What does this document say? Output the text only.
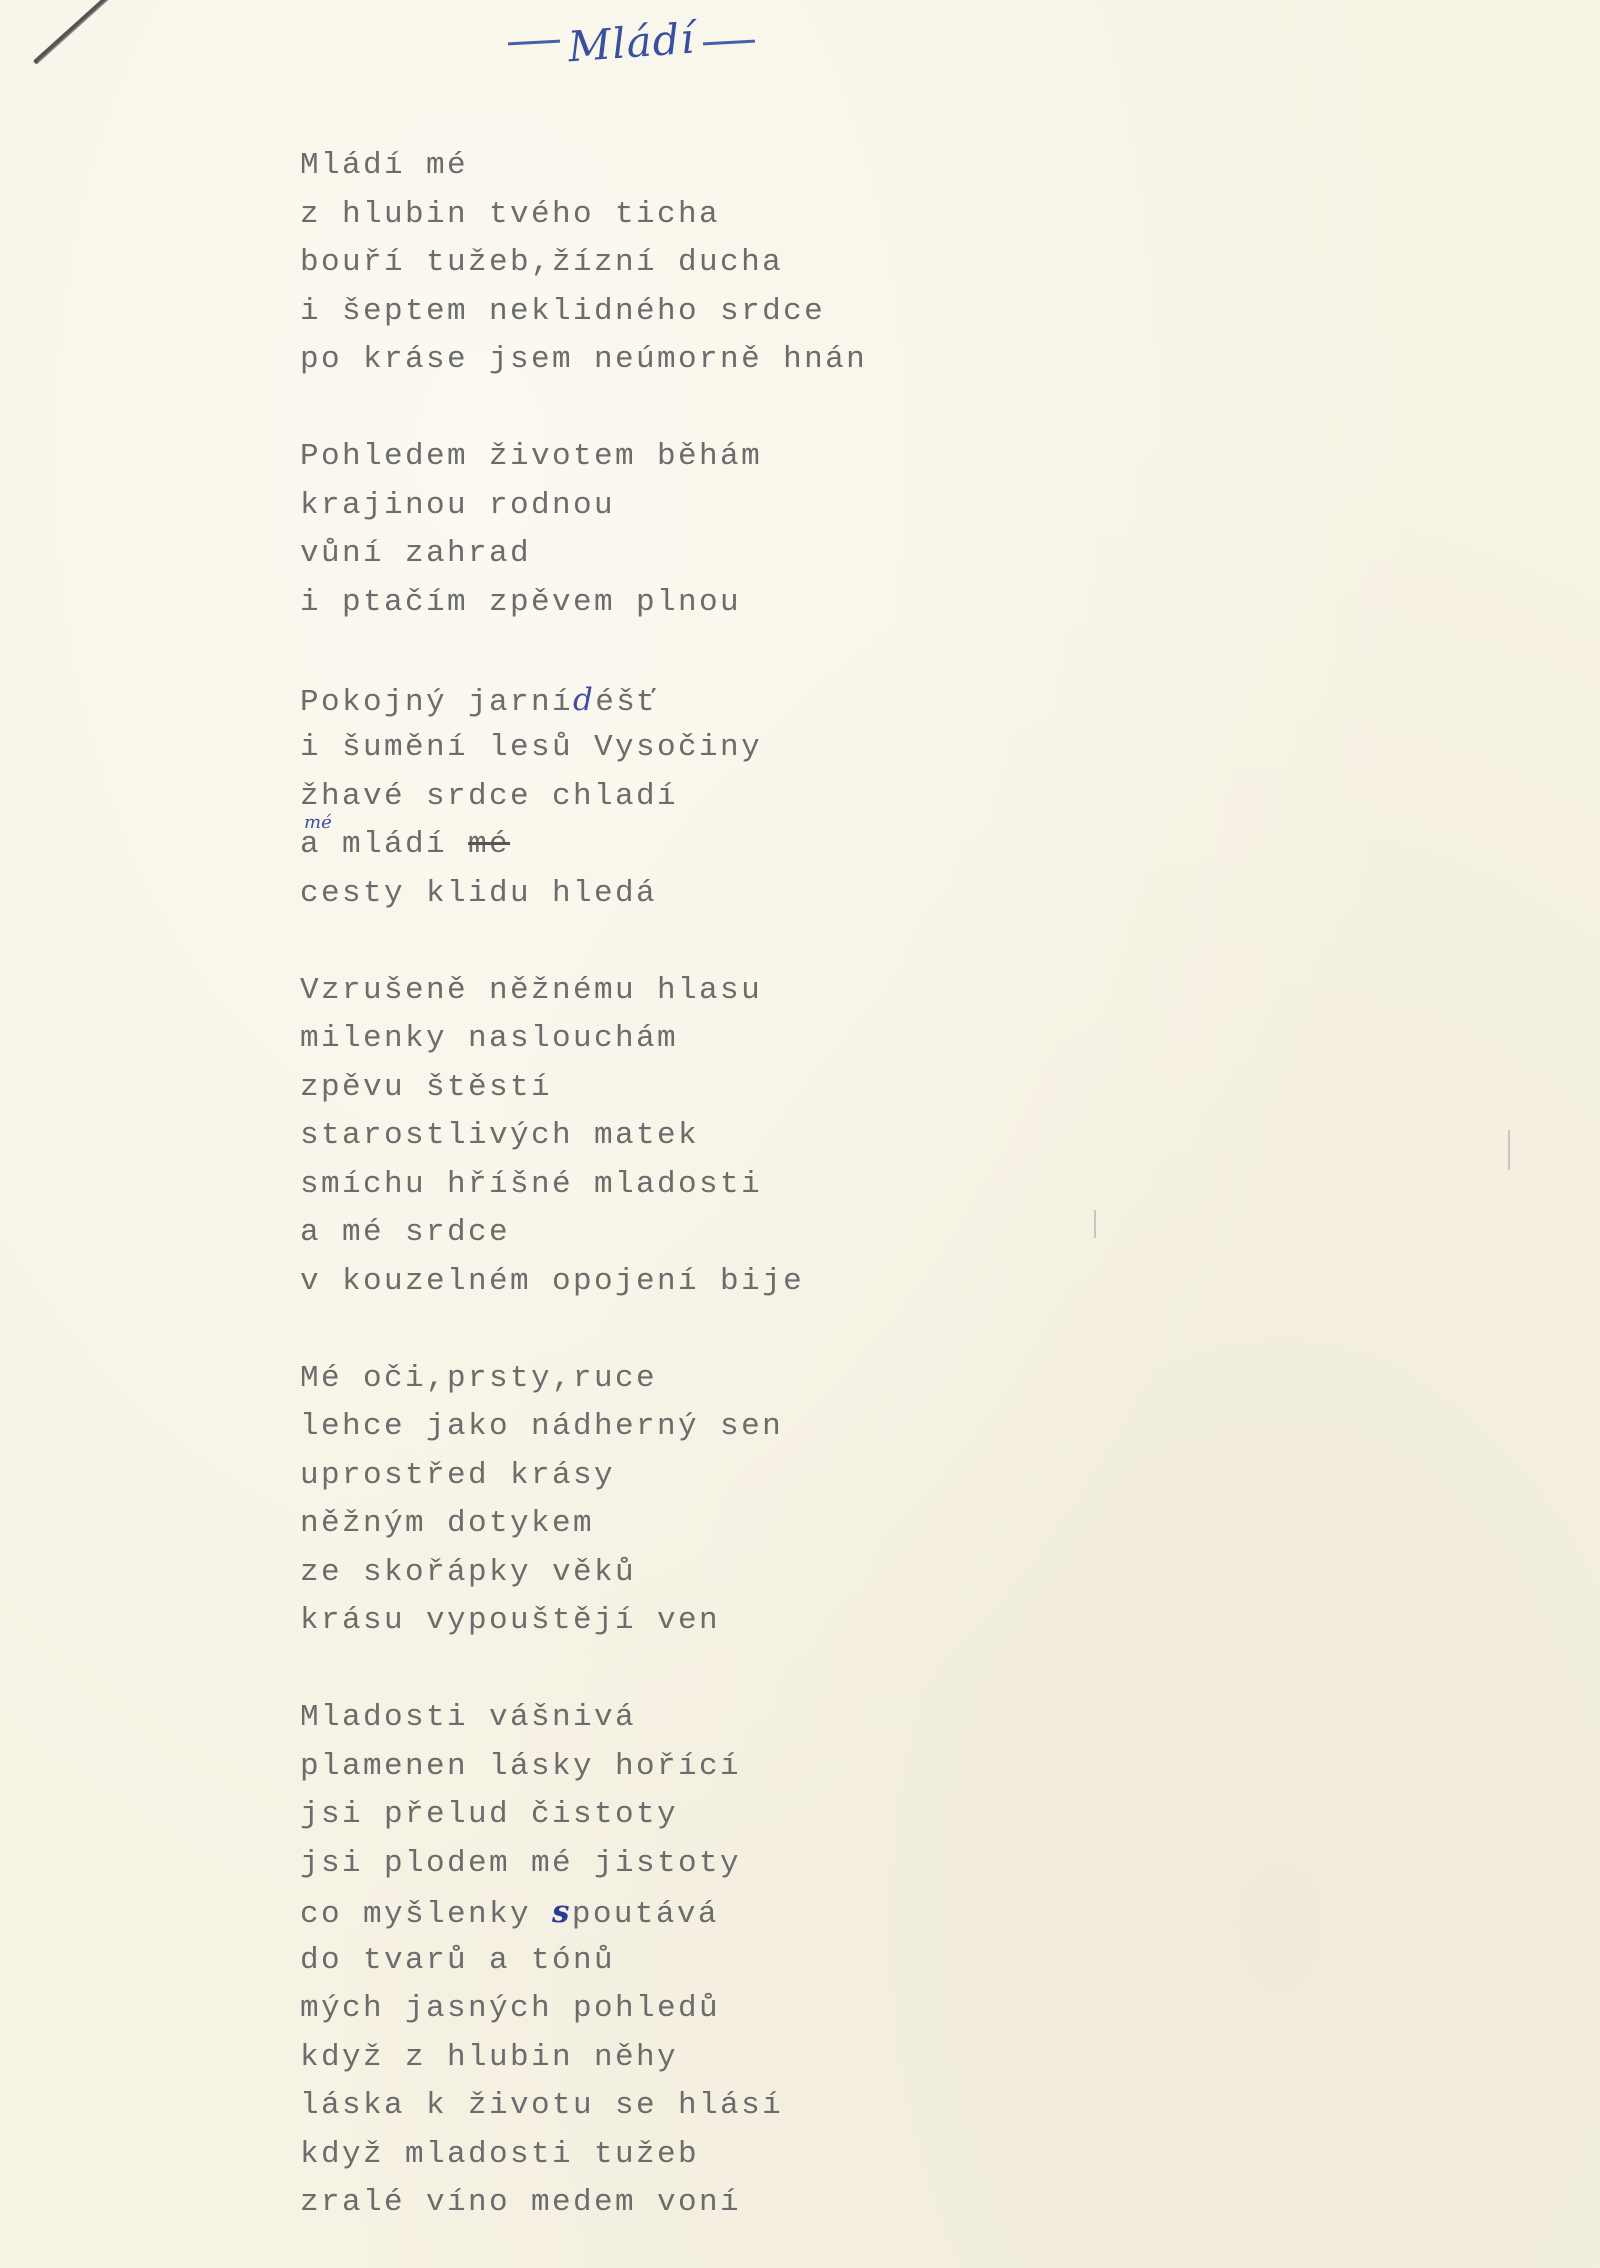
Mládí
Mládí mé
z hlubin tvého ticha
bouří tužeb,žízní ducha
i šeptem neklidného srdce
po kráse jsem neúmorně hnán
Pohledem životem běhám
krajinou rodnou
vůní zahrad
i ptačím zpěvem plnou
Pokojný jarnídéšť
i šumění lesů Vysočiny
žhavé srdce chladí
a mládí
mé
mé
cesty klidu hledá
Vzrušeně něžnému hlasu
milenky naslouchám
zpěvu štěstí
starostlivých matek
smíchu hříšné mladosti
a mé srdce
v kouzelném opojení bije
Mé oči,prsty,ruce
lehce jako nádherný sen
uprostřed krásy
něžným dotykem
ze skořápky věků
krásu vypouštějí ven
Mladosti vášnivá
plamenen lásky hořící
jsi přelud čistoty
jsi plodem mé jistoty
co myšlenky spoutává
do tvarů a tónů
mých jasných pohledů
když z hlubin něhy
láska k životu se hlásí
když mladosti tužeb
zralé víno medem voní
